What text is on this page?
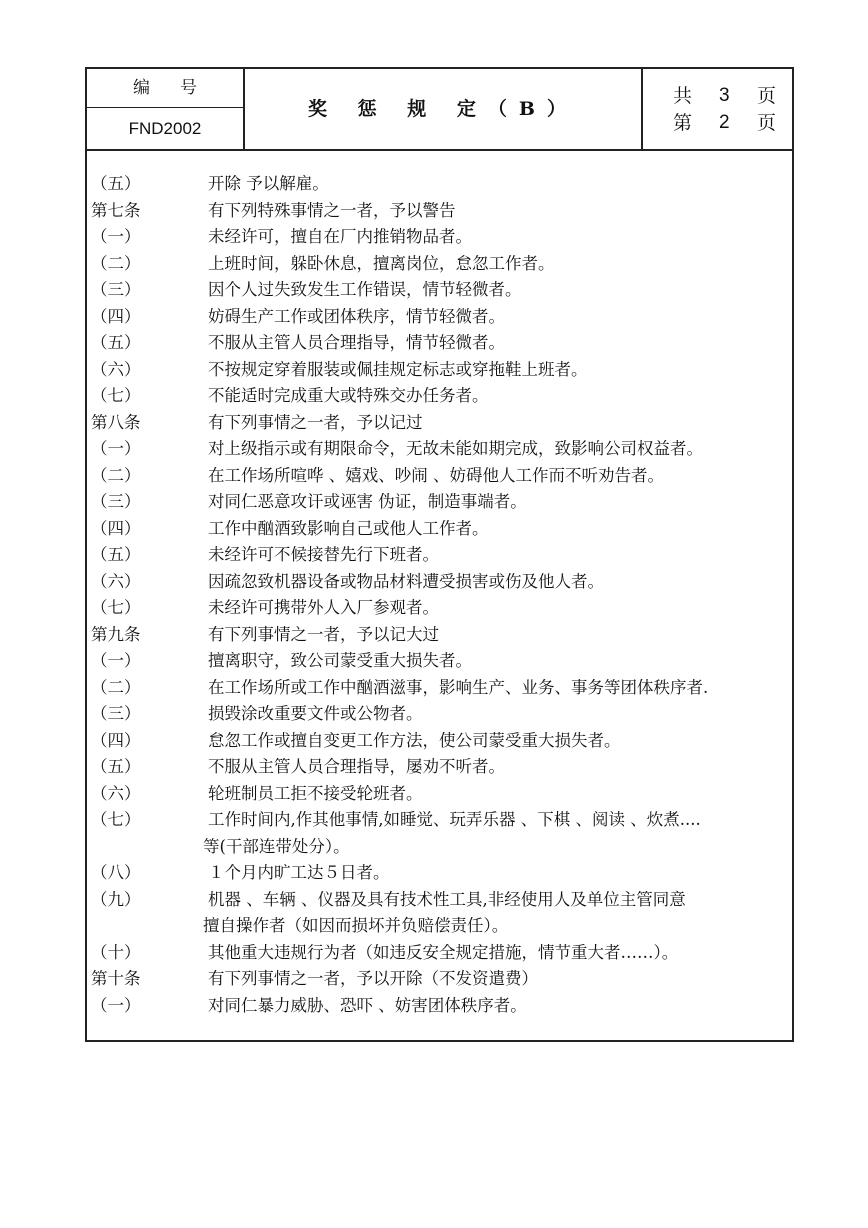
编号
FND2002
奖 惩 规 定（B）
共 3 页
第 2 页
（五）	开除 予以解雇。
第七条	有下列特殊事情之一者，予以警告
（一）	未经许可，擅自在厂内推销物品者。
（二）	上班时间，躲卧休息，擅离岗位，怠忽工作者。
（三）	因个人过失致发生工作错误，情节轻微者。
（四）	妨碍生产工作或团体秩序，情节轻微者。
（五）	不服从主管人员合理指导，情节轻微者。
（六）	不按规定穿着服装或佩挂规定标志或穿拖鞋上班者。
（七）	不能适时完成重大或特殊交办任务者。
第八条	有下列事情之一者，予以记过
（一）	对上级指示或有期限命令，无故未能如期完成，致影响公司权益者。
（二）	在工作场所喧哗 、嬉戏、吵闹 、妨碍他人工作而不听劝告者。
（三）	对同仁恶意攻讦或诬害 伪证，制造事端者。
（四）	工作中酗酒致影响自己或他人工作者。
（五）	未经许可不候接替先行下班者。
（六）	因疏忽致机器设备或物品材料遭受损害或伤及他人者。
（七）	未经许可携带外人入厂参观者。
第九条	有下列事情之一者，予以记大过
（一）	擅离职守，致公司蒙受重大损失者。
（二）	在工作场所或工作中酗酒滋事，影响生产、业务、事务等团体秩序者.
（三）	损毁涂改重要文件或公物者。
（四）	怠忽工作或擅自变更工作方法，使公司蒙受重大损失者。
（五）	不服从主管人员合理指导，屡劝不听者。
（六）	轮班制员工拒不接受轮班者。
（七）	工作时间内,作其他事情,如睡觉、玩弄乐器 、下棋 、阅读 、炊煮....
等(干部连带处分）。
（八）	１个月内旷工达５日者。
（九）	机器 、车辆 、仪器及具有技术性工具,非经使用人及单位主管同意
擅自操作者（如因而损坏并负赔偿责任）。
（十）	其他重大违规行为者（如违反安全规定措施，情节重大者……）。
第十条	有下列事情之一者，予以开除（不发资遣费）
（一）	对同仁暴力威胁、恐吓 、妨害团体秩序者。
